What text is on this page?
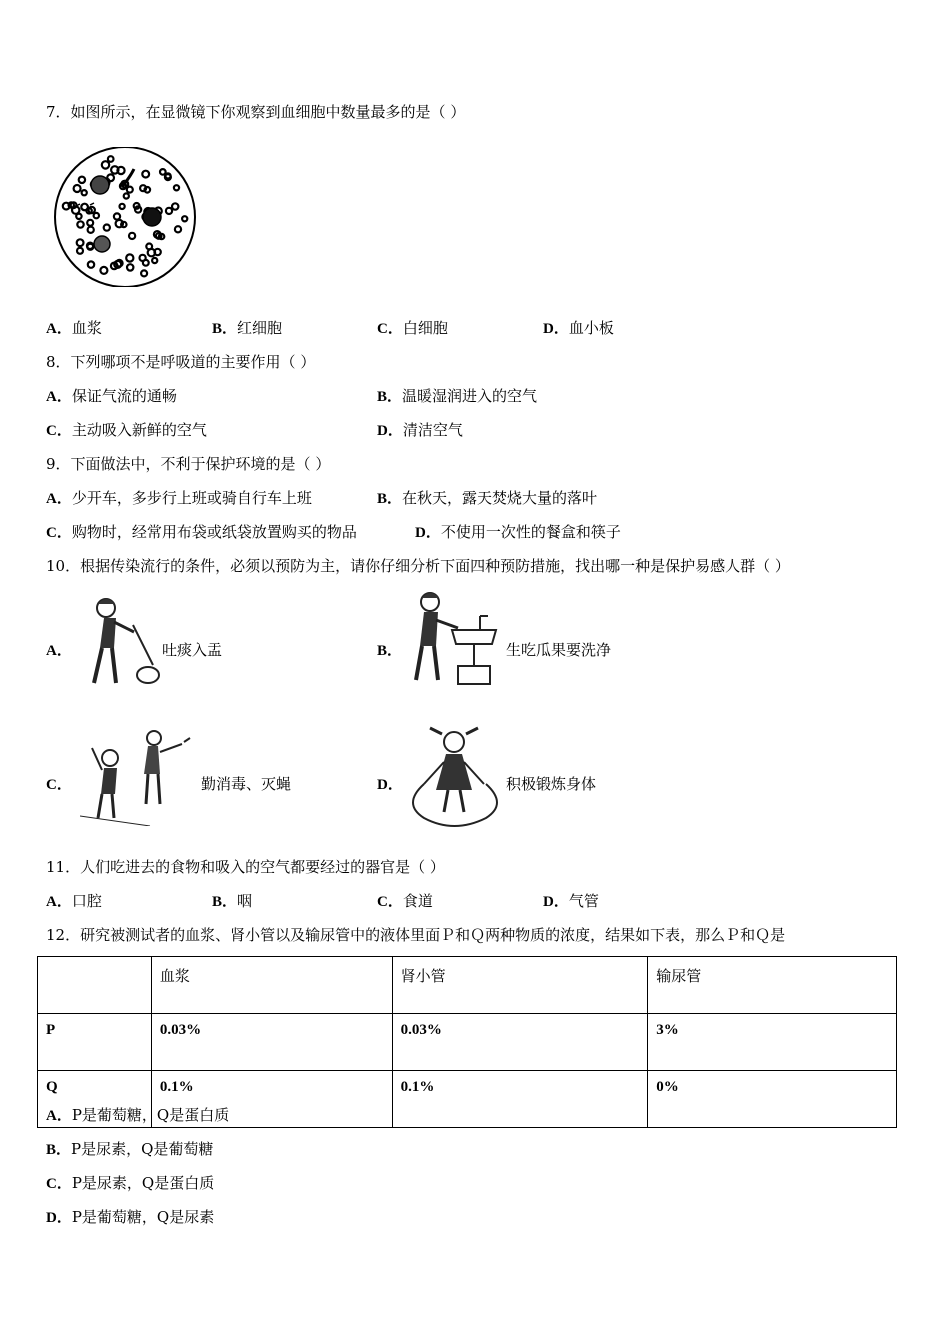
7．如图所示，在显微镜下你观察到血细胞中数量最多的是（ ）
A．血浆	B．红细胞	C．白细胞	D．血小板
8．下列哪项不是呼吸道的主要作用（ ）
A．保证气流的通畅	B．温暖湿润进入的空气
C．主动吸入新鲜的空气	D．清洁空气
9．下面做法中，不利于保护环境的是（ ）
A．少开车，多步行上班或骑自行车上班	B．在秋天，露天焚烧大量的落叶
C．购物时，经常用布袋或纸袋放置购买的物品	D．不使用一次性的餐盒和筷子
10．根据传染流行的条件，必须以预防为主，请你仔细分析下面四种预防措施，找出哪一种是保护易感人群（ ）
A．	吐痰入盂	B．	生吃瓜果要洗净
C．	勤消毒、灭蝇	D．	积极锻炼身体
11．人们吃进去的食物和吸入的空气都要经过的器官是（ ）
A．口腔	B．咽	C．食道	D．气管
12．研究被测试者的血浆、肾小管以及输尿管中的液体里面Ｐ和Ｑ两种物质的浓度，结果如下表，那么Ｐ和Ｑ是
	血浆	肾小管	输尿管
P	0.03%	0.03%	3%
Q	0.1%	0.1%	0%
A．P是葡萄糖，Q是蛋白质
B．P是尿素，Q是葡萄糖
C．P是尿素，Q是蛋白质
D．P是葡萄糖，Q是尿素
